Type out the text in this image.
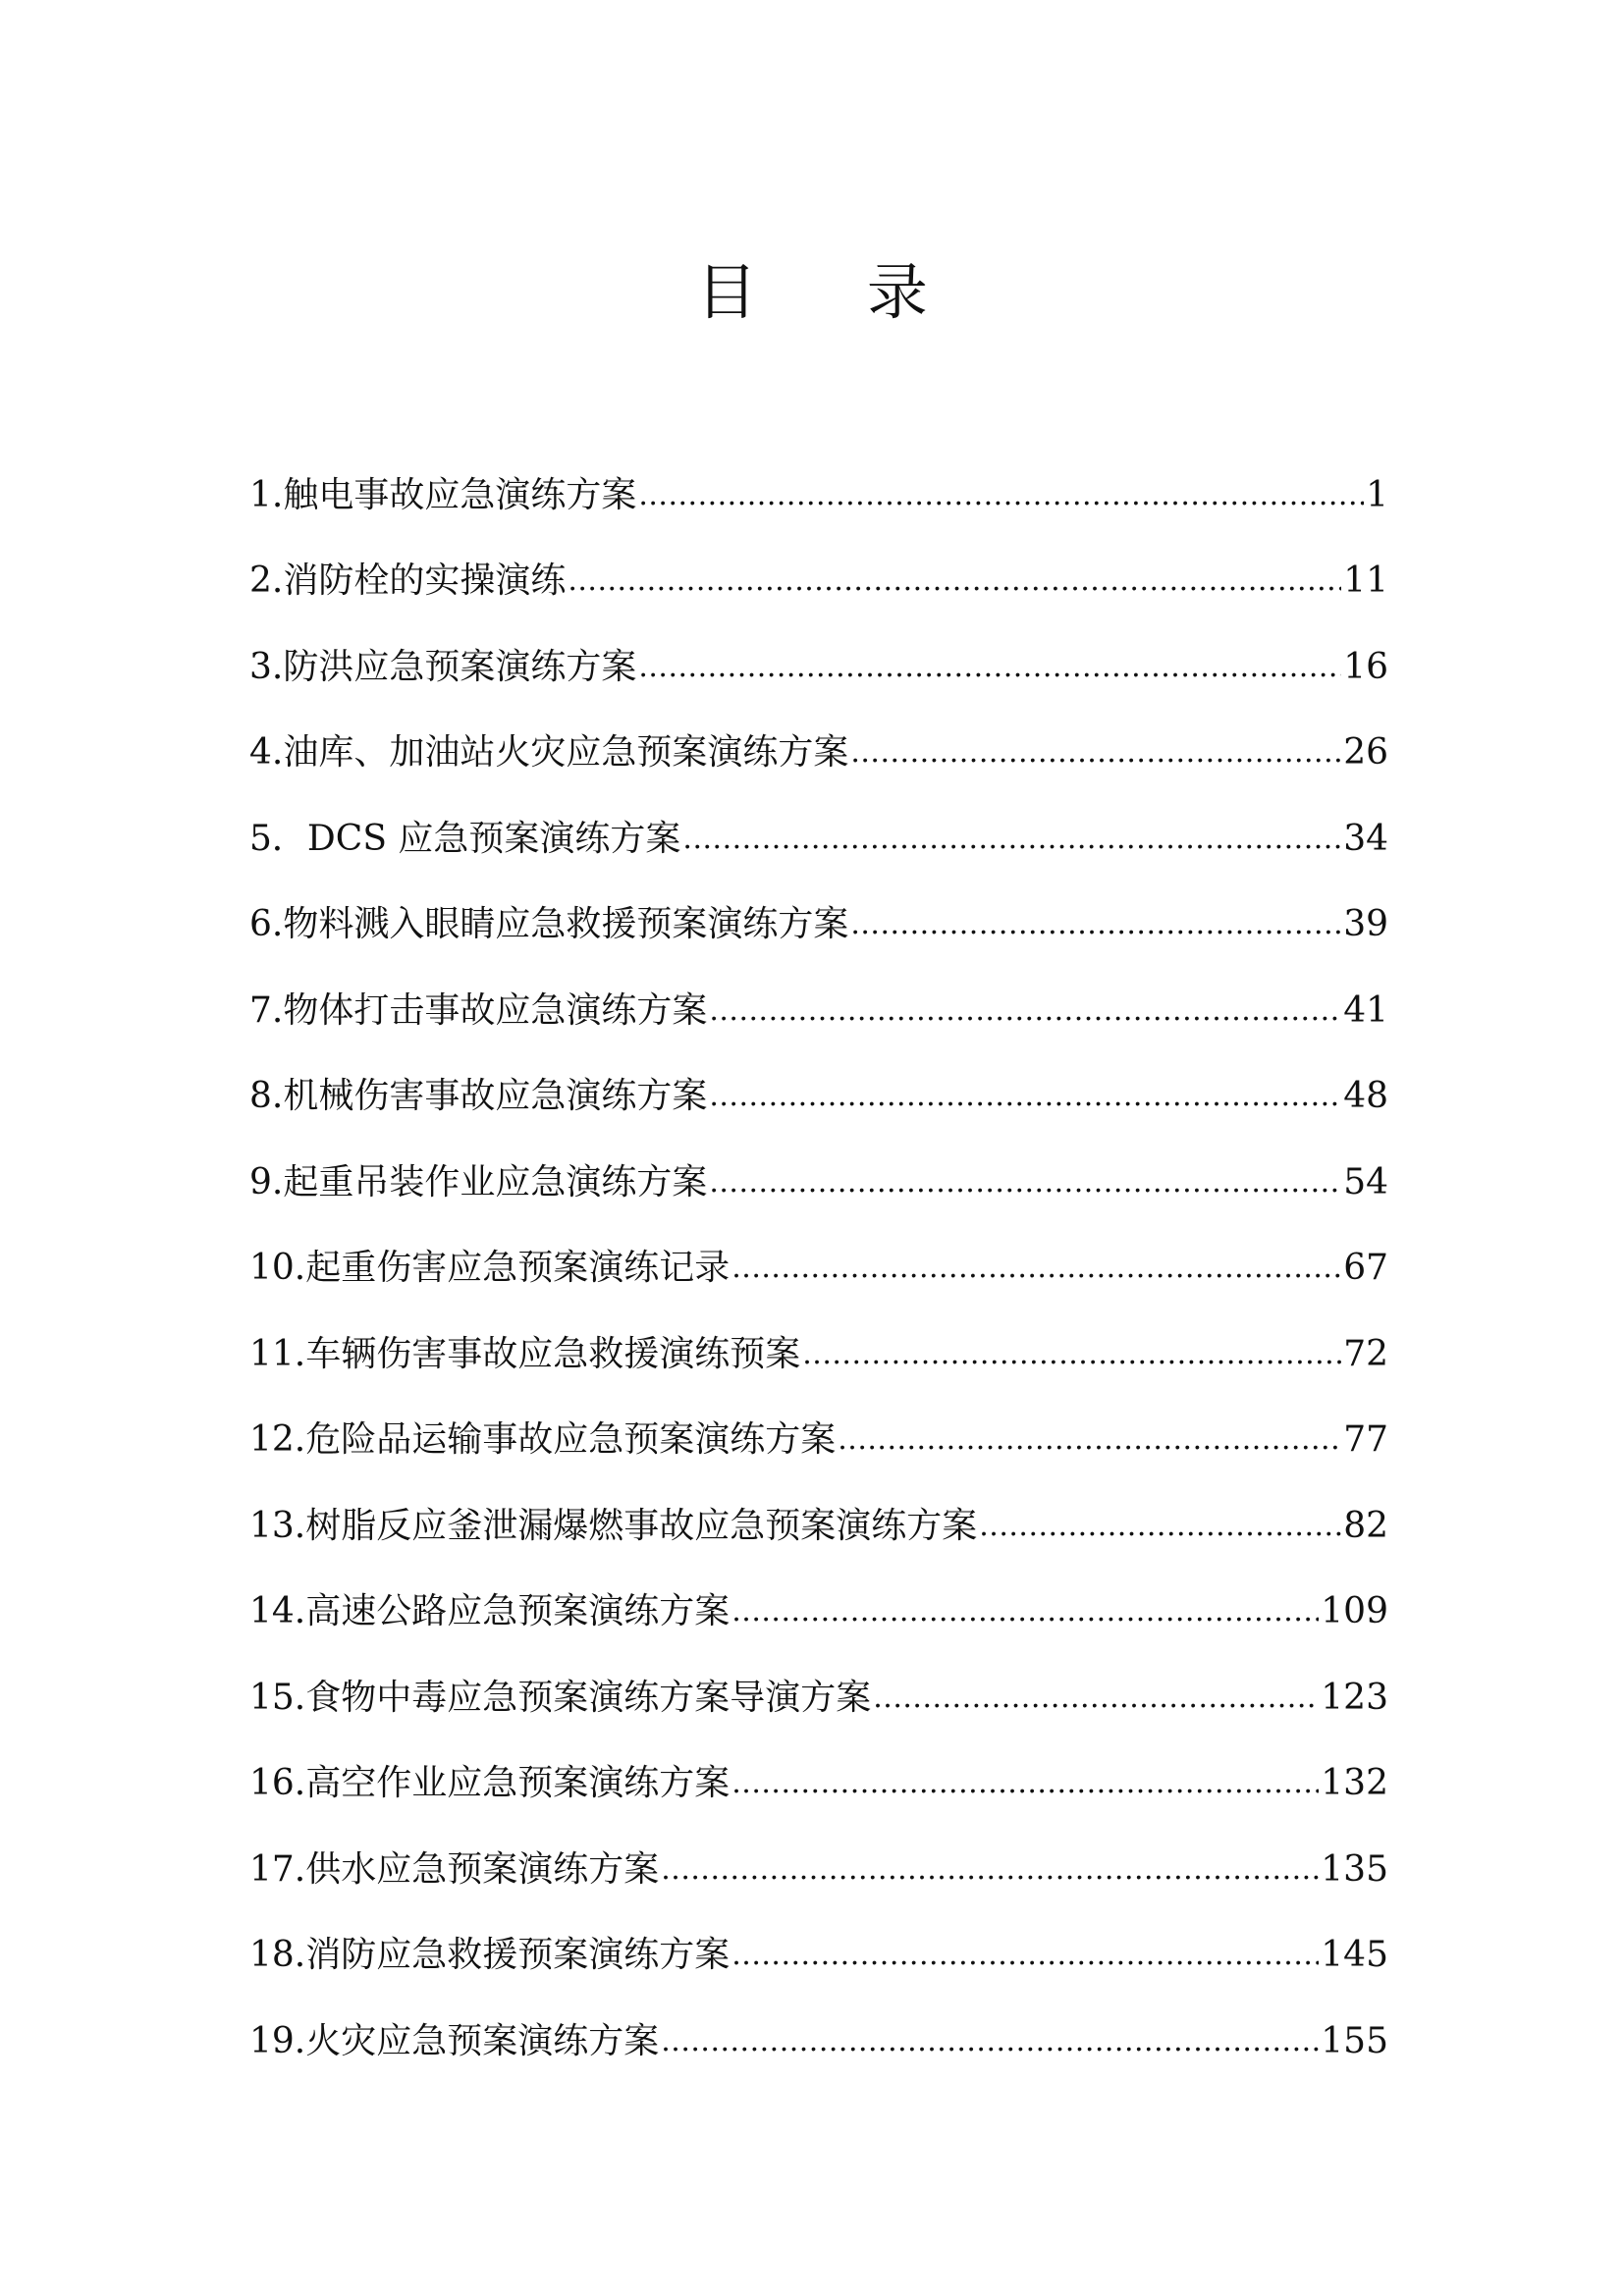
目 录
1.触电事故应急演练方案 .....	1
2.消防栓的实操演练 .....	11
3.防洪应急预案演练方案 .....	16
4.油库、加油站火灾应急预案演练方案 .....	26
5．DCS 应急预案演练方案 .....	34
6.物料溅入眼睛应急救援预案演练方案 .....	39
7.物体打击事故应急演练方案 .....	41
8.机械伤害事故应急演练方案 .....	48
9.起重吊装作业应急演练方案 .....	54
10.起重伤害应急预案演练记录 .....	67
11.车辆伤害事故应急救援演练预案 .....	72
12.危险品运输事故应急预案演练方案 .....	77
13.树脂反应釜泄漏爆燃事故应急预案演练方案 .....	82
14.高速公路应急预案演练方案 .....	109
15.食物中毒应急预案演练方案导演方案 .....	123
16.高空作业应急预案演练方案 .....	132
17.供水应急预案演练方案 .....	135
18.消防应急救援预案演练方案 .....	145
19.火灾应急预案演练方案 .....	155
